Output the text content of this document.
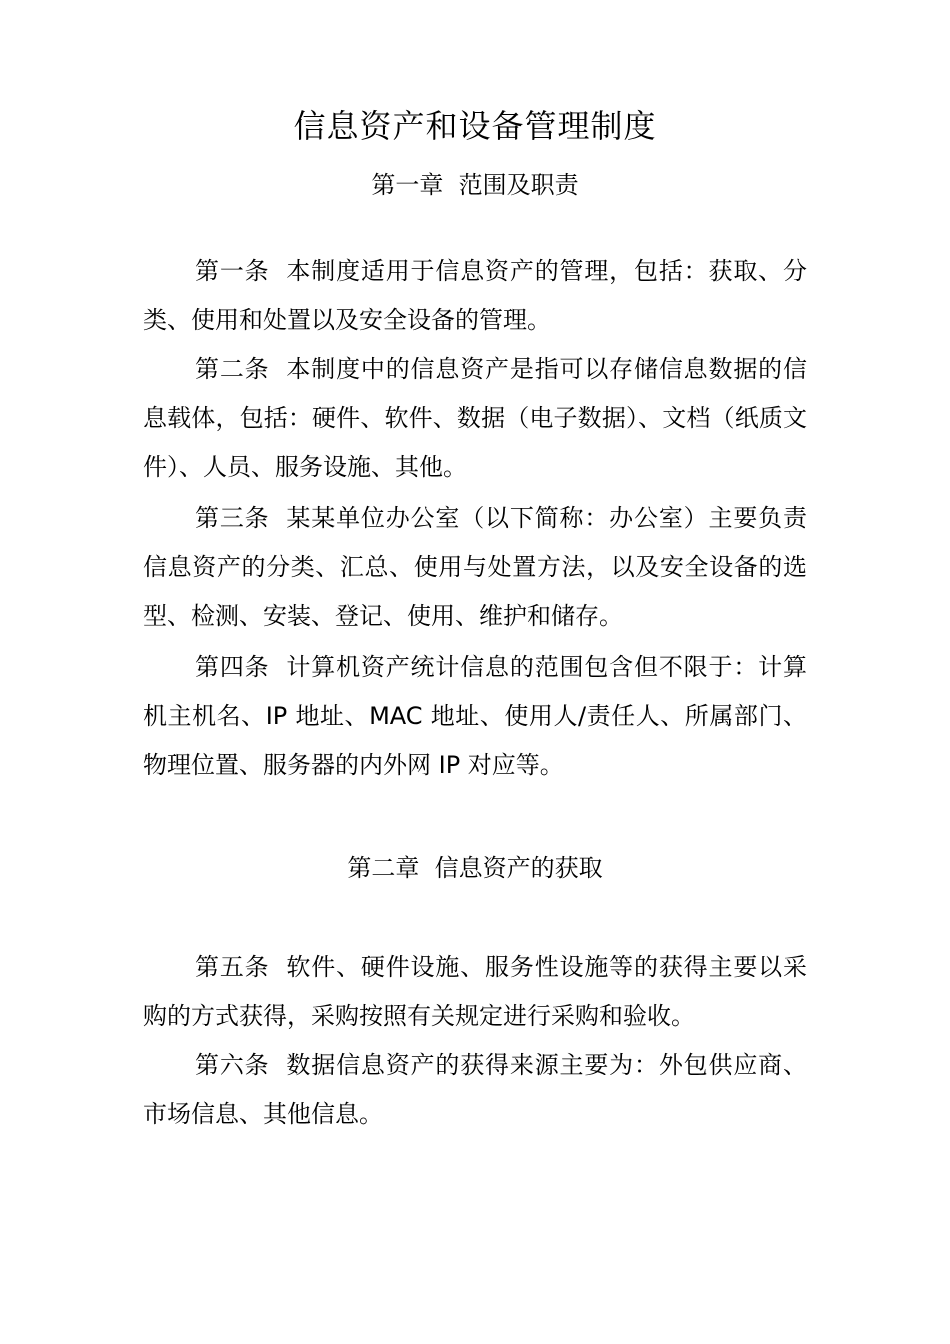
信息资产和设备管理制度
第一章  范围及职责

第一条  本制度适用于信息资产的管理，包括：获取、分类、使用和处置以及安全设备的管理。

第二条  本制度中的信息资产是指可以存储信息数据的信息载体，包括：硬件、软件、数据（电子数据）、文档（纸质文件）、人员、服务设施、其他。

第三条  某某单位办公室（以下简称：办公室）主要负责信息资产的分类、汇总、使用与处置方法，以及安全设备的选型、检测、安装、登记、使用、维护和储存。

第四条  计算机资产统计信息的范围包含但不限于：计算机主机名、IP 地址、MAC 地址、使用人/责任人、所属部门、物理位置、服务器的内外网 IP 对应等。

第二章  信息资产的获取

第五条  软件、硬件设施、服务性设施等的获得主要以采购的方式获得，采购按照有关规定进行采购和验收。

第六条  数据信息资产的获得来源主要为：外包供应商、市场信息、其他信息。
